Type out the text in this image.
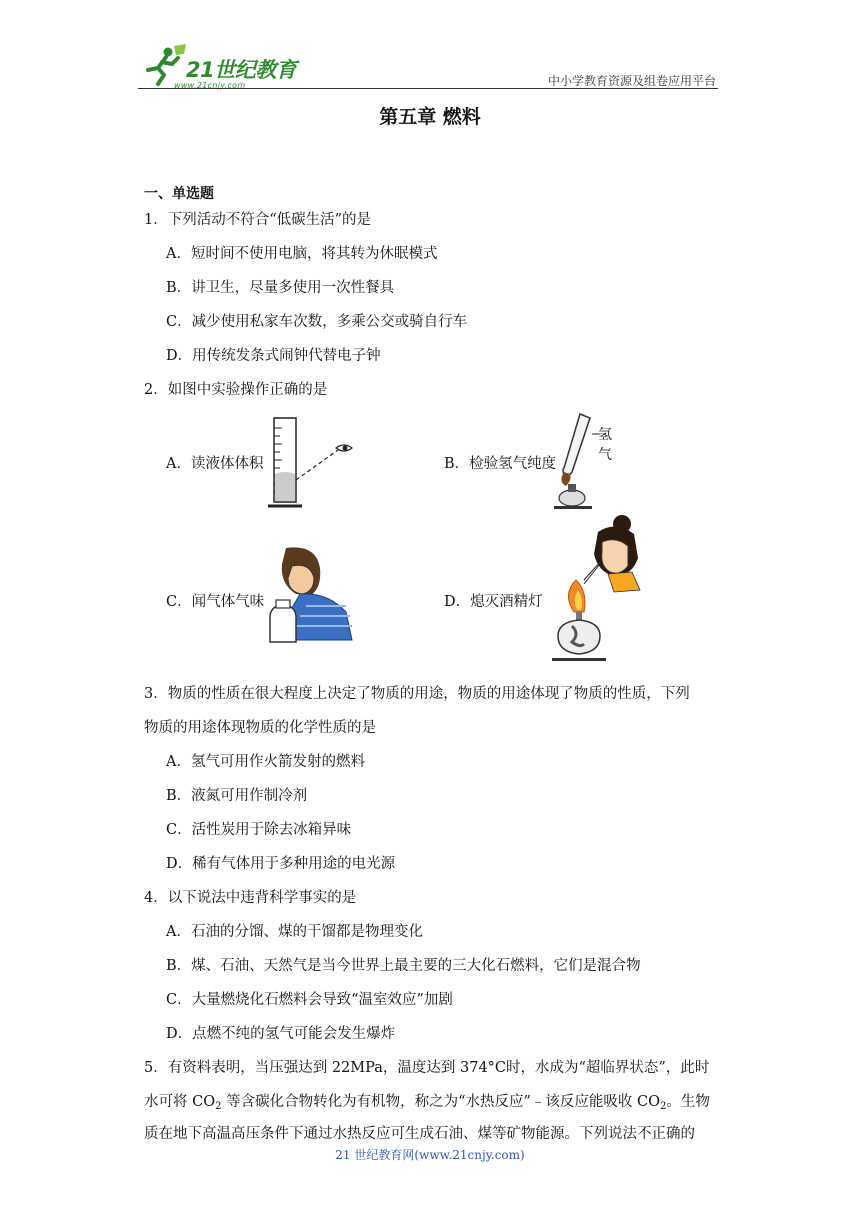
21世纪教育
www.21cnjy.com	中小学教育资源及组卷应用平台
第五章 燃料
一、单选题
1．下列活动不符合“低碳生活”的是
A．短时间不使用电脑，将其转为休眠模式
B．讲卫生，尽量多使用一次性餐具
C．减少使用私家车次数，多乘公交或骑自行车
D．用传统发条式闹钟代替电子钟
2．如图中实验操作正确的是
A．读液体体积	B．检验氢气纯度
氢
气
C．闻气体气味	D．熄灭酒精灯
3．物质的性质在很大程度上决定了物质的用途，物质的用途体现了物质的性质，下列
物质的用途体现物质的化学性质的是
A．氢气可用作火箭发射的燃料
B．液氮可用作制冷剂
C．活性炭用于除去冰箱异味
D．稀有气体用于多种用途的电光源
4．以下说法中违背科学事实的是
A．石油的分馏、煤的干馏都是物理变化
B．煤、石油、天然气是当今世界上最主要的三大化石燃料，它们是混合物
C．大量燃烧化石燃料会导致“温室效应”加剧
D．点燃不纯的氢气可能会发生爆炸
5．有资料表明，当压强达到 22MPa，温度达到 374°C时，水成为“超临界状态”，此时
水可将 $CO_2$ 等含碳化合物转化为有机物，称之为“水热反应”﹣该反应能吸收 $CO_2$。生物
质在地下高温高压条件下通过水热反应可生成石油、煤等矿物能源。下列说法不正确的
21 世纪教育网(www.21cnjy.com)
